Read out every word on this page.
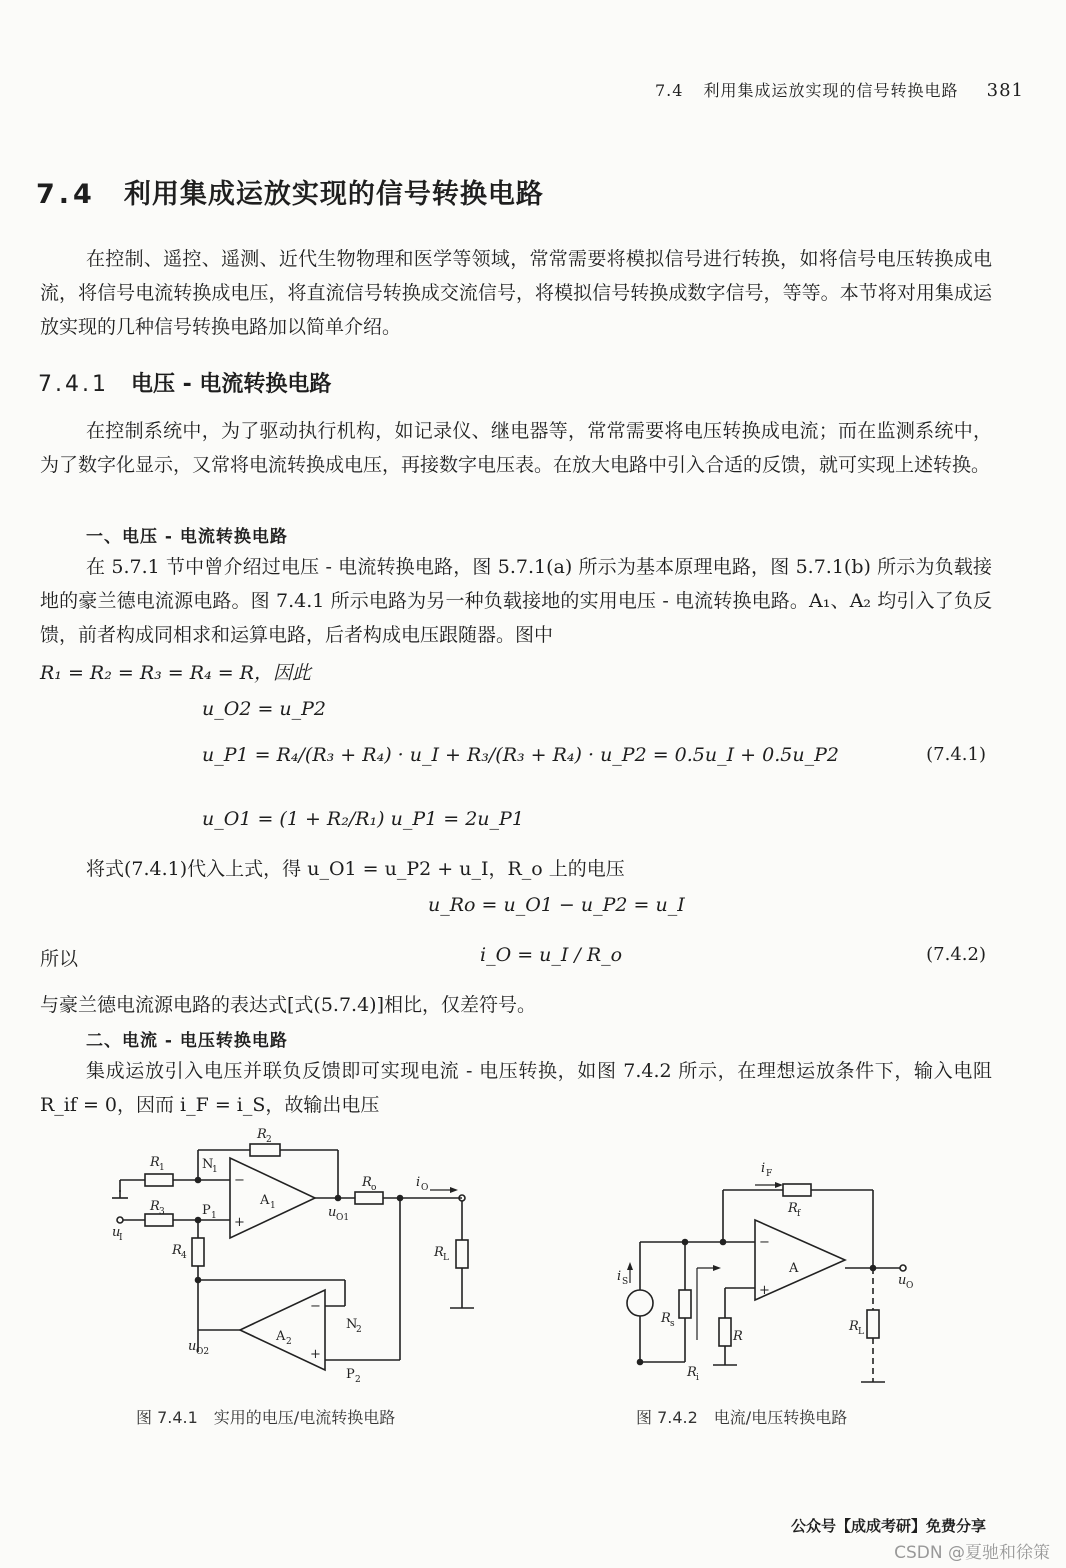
7.4 利用集成运放实现的信号转换电路 381
7.4 利用集成运放实现的信号转换电路
在控制、遥控、遥测、近代生物物理和医学等领域，常常需要将模拟信号进行转换，如将信号电压转换成电流，将信号电流转换成电压，将直流信号转换成交流信号，将模拟信号转换成数字信号，等等。本节将对用集成运放实现的几种信号转换电路加以简单介绍。
7.4.1 电压 - 电流转换电路
在控制系统中，为了驱动执行机构，如记录仪、继电器等，常常需要将电压转换成电流；而在监测系统中，为了数字化显示，又常将电流转换成电压，再接数字电压表。在放大电路中引入合适的反馈，就可实现上述转换。
一、电压 - 电流转换电路
在 5.7.1 节中曾介绍过电压 - 电流转换电路，图 5.7.1(a) 所示为基本原理电路，图 5.7.1(b) 所示为负载接地的豪兰德电流源电路。图 7.4.1 所示电路为另一种负载接地的实用电压 - 电流转换电路。A₁、A₂ 均引入了负反馈，前者构成同相求和运算电路，后者构成电压跟随器。图中
R₁ = R₂ = R₃ = R₄ = R，因此
u_O2 = u_P2
u_P1 = R₄/(R₃ + R₄) · u_I + R₃/(R₃ + R₄) · u_P2 = 0.5u_I + 0.5u_P2	(7.4.1)
u_O1 = (1 + R₂/R₁) u_P1 = 2u_P1
将式(7.4.1)代入上式，得 u_O1 = u_P2 + u_I，R_o 上的电压
u_Ro = u_O1 − u_P2 = u_I
所以	i_O = u_I / R_o	(7.4.2)
与豪兰德电流源电路的表达式[式(5.7.4)]相比，仅差符号。
二、电流 - 电压转换电路
集成运放引入电压并联负反馈即可实现电流 - 电压转换，如图 7.4.2 所示，在理想运放条件下，输入电阻 R_if = 0，因而 i_F = i_S，故输出电压
R 1
R 2
R 3
R 4
R o
R L
N
1
P 1
−
+
A 1	u O1
i O
u
I
−
+
A 2
N
2
P 2
u O2
i F
R f
−
+
A
i S
R s
R i
R
R L
u O
图 7.4.1　实用的电压/电流转换电路	图 7.4.2　电流/电压转换电路
公众号【成成考研】免费分享
CSDN @夏驰和徐策
